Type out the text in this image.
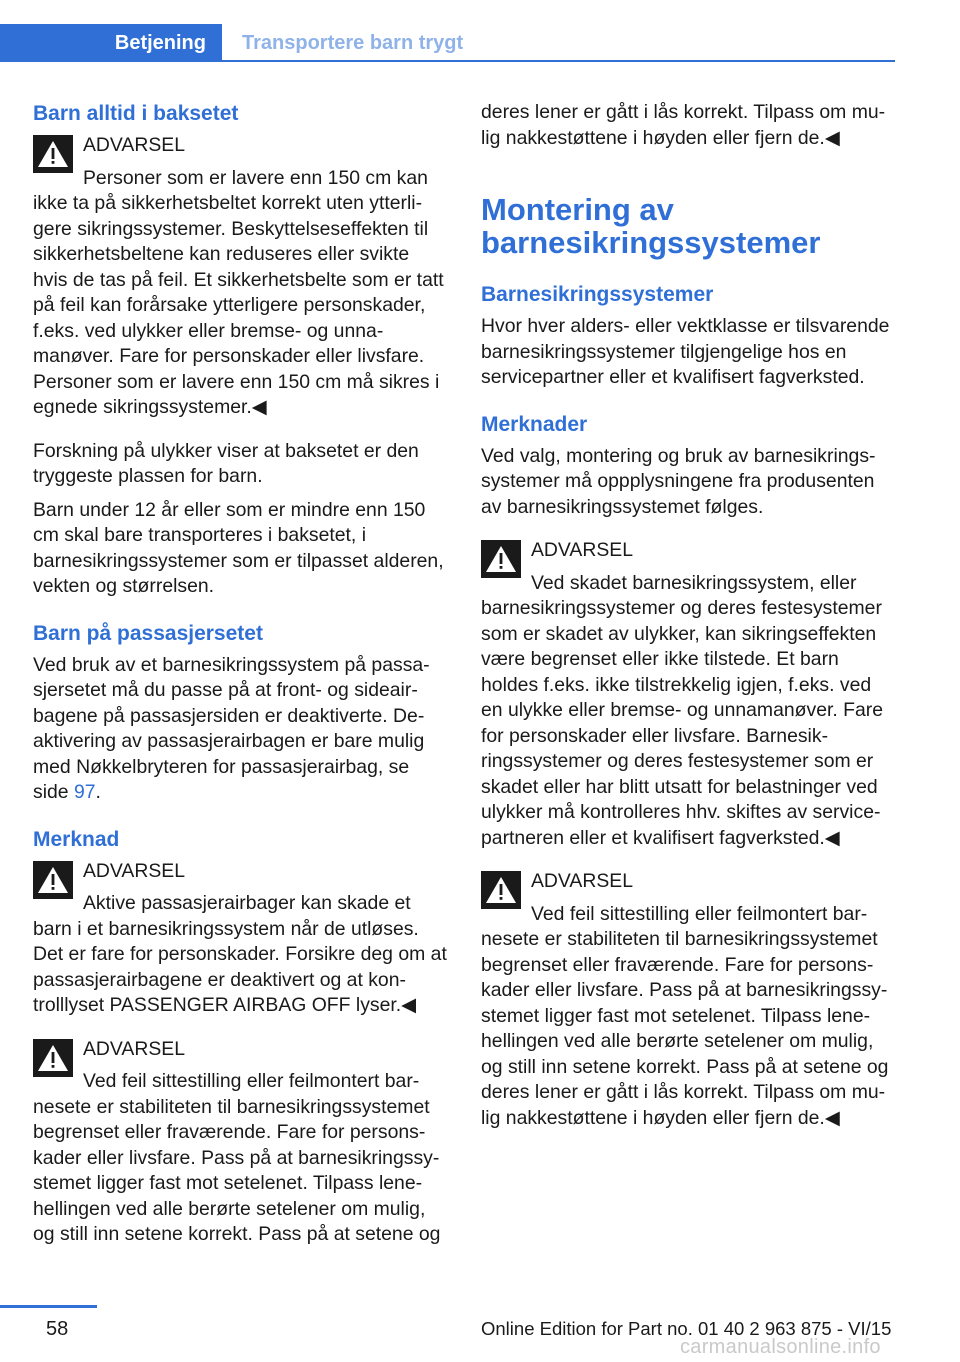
Betjening	Transportere barn trygt
Barn alltid i baksetet
ADVARSEL
Personer som er lavere enn 150 cm kan ikke ta på sikkerhetsbeltet korrekt uten ytterligere sikringssystemer. Beskyttelseseffekten til sikkerhetsbeltene kan reduseres eller svikte hvis de tas på feil. Et sikkerhetsbelte som er tatt på feil kan forårsake ytterligere personskader, f.eks. ved ulykker eller bremse- og unnamanøver. Fare for personskader eller livsfare. Personer som er lavere enn 150 cm må sikres i egnede sikringssystemer.◀
Forskning på ulykker viser at baksetet er den tryggeste plassen for barn.
Barn under 12 år eller som er mindre enn 150 cm skal bare transporteres i baksetet, i barnesikringssystemer som er tilpasset alderen, vekten og størrelsen.
Barn på passasjersetet
Ved bruk av et barnesikringssystem på passasjersetet må du passe på at front- og sideairbagene på passasjersiden er deaktiverte. Deaktivering av passasjerairbagen er bare mulig med Nøkkelbryteren for passasjerairbag, se side 97.
Merknad
ADVARSEL
Aktive passasjerairbager kan skade et barn i et barnesikringssystem når de utløses. Det er fare for personskader. Forsikre deg om at passasjerairbagene er deaktivert og at kontrolllyset PASSENGER AIRBAG OFF lyser.◀
ADVARSEL
Ved feil sittestilling eller feilmontert barnesete er stabiliteten til barnesikringssystemet begrenset eller fraværende. Fare for personskader eller livsfare. Pass på at barnesikringssystemet ligger fast mot setelenet. Tilpass lenehellingen ved alle berørte setelener om mulig, og still inn setene korrekt. Pass på at setene og
deres lener er gått i lås korrekt. Tilpass om mulig nakkestøttene i høyden eller fjern de.◀
Montering av barnesikringssystemer
Barnesikringssystemer
Hvor hver alders- eller vektklasse er tilsvarende barnesikringssystemer tilgjengelige hos en servicepartner eller et kvalifisert fagverksted.
Merknader
Ved valg, montering og bruk av barnesikringssystemer må oppplysningene fra produsenten av barnesikringssystemet følges.
ADVARSEL
Ved skadet barnesikringssystem, eller barnesikringssystemer og deres festesystemer som er skadet av ulykker, kan sikringseffekten være begrenset eller ikke tilstede. Et barn holdes f.eks. ikke tilstrekkelig igjen, f.eks. ved en ulykke eller bremse- og unnamanøver. Fare for personskader eller livsfare. Barnesikringssystemer og deres festesystemer som er skadet eller har blitt utsatt for belastninger ved ulykker må kontrolleres hhv. skiftes av servicepartneren eller et kvalifisert fagverksted.◀
ADVARSEL
Ved feil sittestilling eller feilmontert barnesete er stabiliteten til barnesikringssystemet begrenset eller fraværende. Fare for personskader eller livsfare. Pass på at barnesikringssystemet ligger fast mot setelenet. Tilpass lenehellingen ved alle berørte setelener om mulig, og still inn setene korrekt. Pass på at setene og deres lener er gått i lås korrekt. Tilpass om mulig nakkestøttene i høyden eller fjern de.◀
58	Online Edition for Part no. 01 40 2 963 875 - VI/15
carmanualsonline.info
